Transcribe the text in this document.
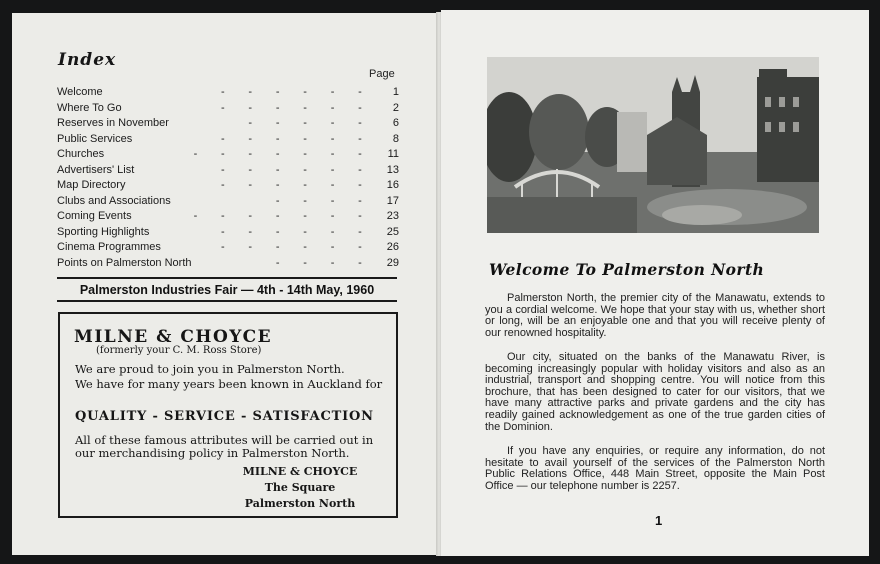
Index
Page
Welcome	- - - - - -	1
Where To Go	- - - - - -	2
Reserves in November	- - - - -	6
Public Services	- - - - - -	8
Churches	- - - - - - - 11
Advertisers' List	- - - - - - 13
Map Directory	- - - - - - 16
Clubs and Associations	- - - - 17
Coming Events	- - - - - - - 23
Sporting Highlights	- - - - - - 25
Cinema Programmes	- - - - - - 26
Points on Palmerston North	- - - - 29
Palmerston Industries Fair — 4th - 14th May, 1960
MILNE & CHOYCE
(formerly your C. M. Ross Store)
We are proud to join you in Palmerston North.
We have for many years been known in Auckland for
QUALITY - SERVICE - SATISFACTION
All of these famous attributes will be carried out in our merchandising policy in Palmerston North.
MILNE & CHOYCE
The Square
Palmerston North
Welcome To Palmerston North

Palmerston North, the premier city of the Manawatu, extends to you a cordial welcome. We hope that your stay with us, whether short or long, will be an enjoyable one and that you will receive plenty of our renowned hospitality.

Our city, situated on the banks of the Manawatu River, is becoming increasingly popular with holiday visitors and also as an industrial, transport and shopping centre. You will notice from this brochure, that has been designed to cater for our visitors, that we have many attractive parks and private gardens and the city has readily gained acknowledgement as one of the true garden cities of the Dominion.

If you have any enquiries, or require any information, do not hesitate to avail yourself of the services of the Palmerston North Public Relations Office, 448 Main Street, opposite the Main Post Office — our telephone number is 2257.

1
